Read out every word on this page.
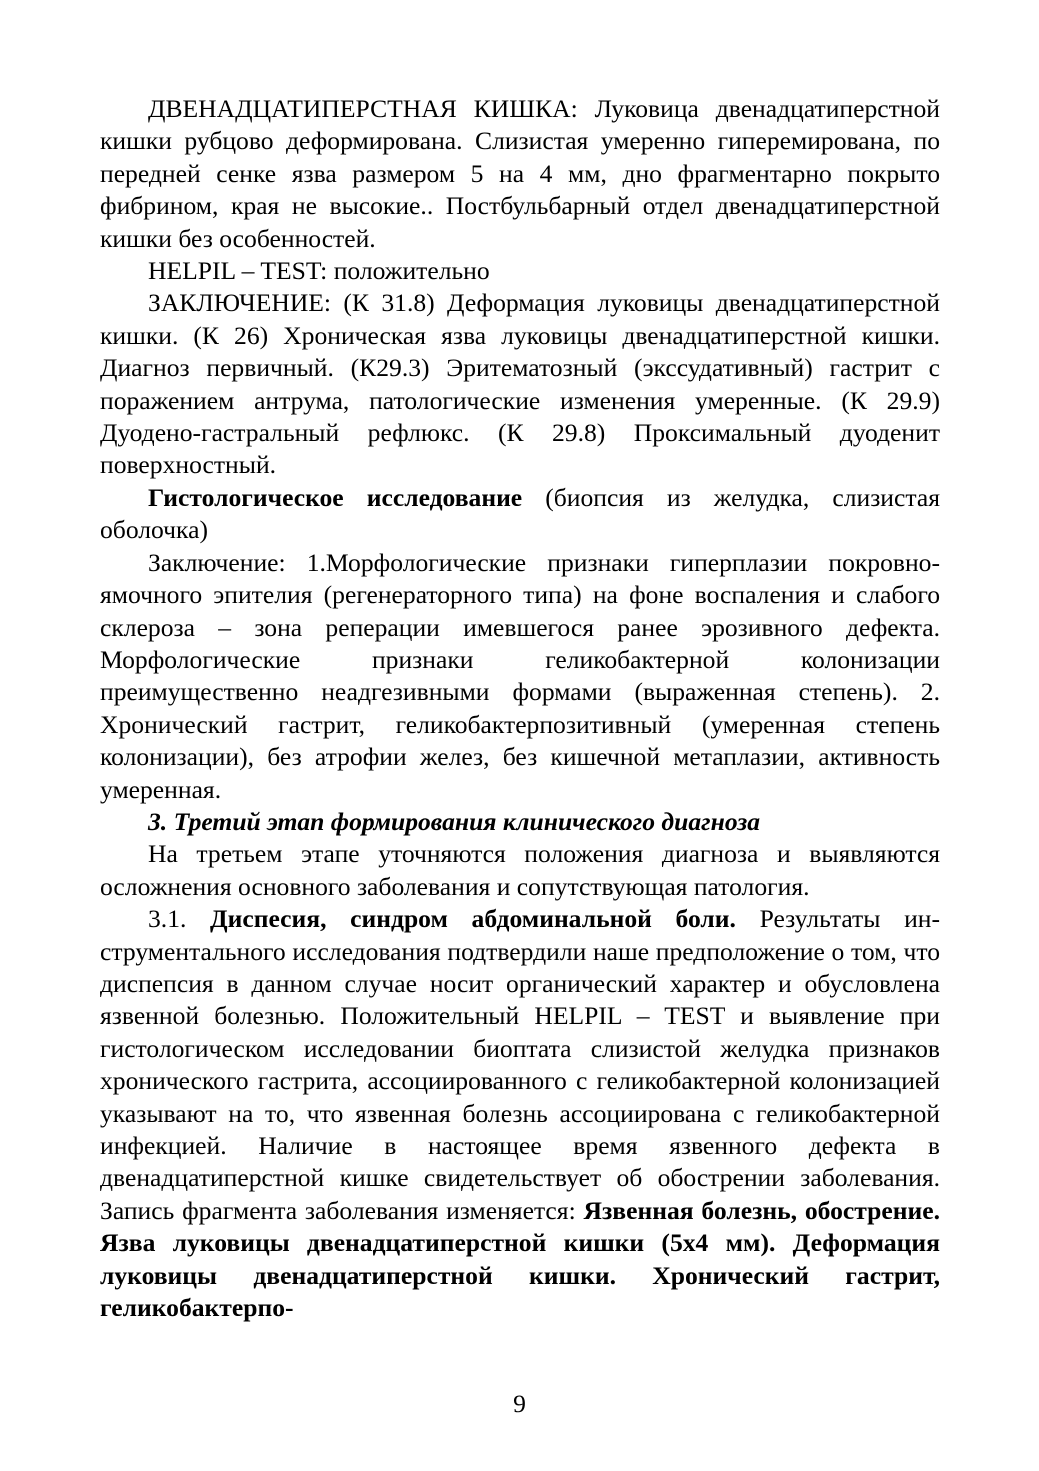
ДВЕНАДЦАТИПЕРСТНАЯ КИШКА: Луковица двенадцатиперстной кишки рубцово деформирована. Слизистая умеренно гиперемирована, по передней сенке язва размером 5 на 4 мм, дно фрагментарно покрыто фибрином, края не высокие.. Постбульбарный отдел двенадцатиперстной кишки без особенностей.

HELPIL – TEST: положительно

ЗАКЛЮЧЕНИЕ: (К 31.8) Деформация луковицы двенадцатиперстной кишки. (К 26) Хроническая язва луковицы двенадцатиперстной кишки. Диагноз первичный. (К29.3) Эритематозный (экссудативный) гастрит с поражением антрума, патологические изменения умеренные. (К 29.9) Дуодено-гастральный рефлюкс. (К 29.8) Проксимальный дуоденит поверхностный.

Гистологическое исследование (биопсия из желудка, слизистая оболочка)

Заключение: 1.Морфологические признаки гиперплазии покровно-ямочного эпителия (регенераторного типа) на фоне воспаления и слабого склероза – зона реперации имевшегося ранее эрозивного дефекта. Морфологические признаки геликобактерной колонизации преимущественно неадгезивными формами (выраженная степень). 2. Хронический гастрит, геликобактерпозитивный (умеренная степень колонизации), без атрофии желез, без кишечной метаплазии, активность умеренная.

3. Третий этап формирования клинического диагноза

На третьем этапе уточняются положения диагноза и выявляются осложнения основного заболевания и сопутствующая патология.

3.1. Диспесия, синдром абдоминальной боли. Результаты инструментального исследования подтвердили наше предположение о том, что диспепсия в данном случае носит органический характер и обусловлена язвенной болезнью. Положительный HELPIL – TEST и выявление при гистологическом исследовании биоптата слизистой желудка признаков хронического гастрита, ассоциированного с геликобактерной колонизацией указывают на то, что язвенная болезнь ассоциирована с геликобактерной инфекцией. Наличие в настоящее время язвенного дефекта в двенадцатиперстной кишке свидетельствует об обострении заболевания. Запись фрагмента заболевания изменяется: Язвенная болезнь, обострение. Язва луковицы двенадцатиперстной кишки (5х4 мм). Деформация луковицы двенадцатиперстной кишки. Хронический гастрит, геликобактерпо-

9
